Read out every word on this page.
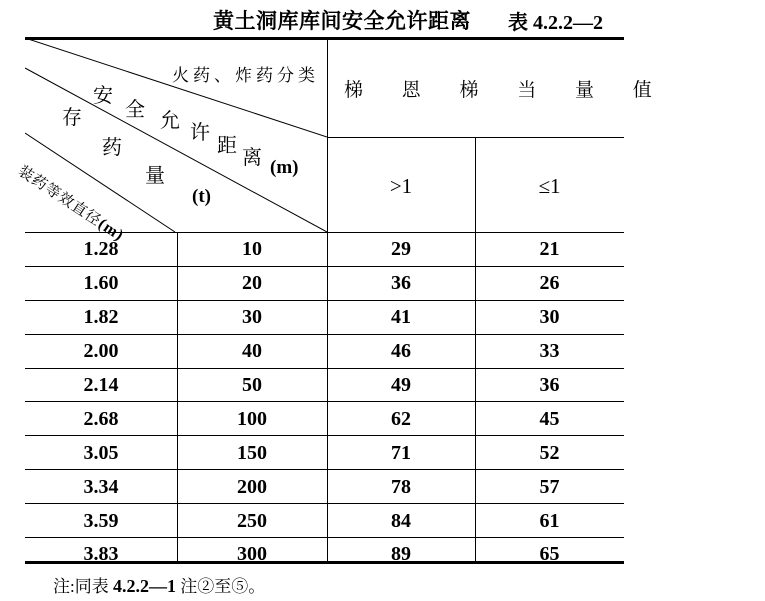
黄土洞库库间安全允许距离 表 4.2.2—2
火药、炸药分类
安
全 允
许
距
离 (m)
存
药
量
(t)
装药等效直径(m)
梯 恩 梯 当 量 值
>1	≤1
1.28	10	29	21
1.60	20	36	26
1.82	30	41	30
2.00	40	46	33
2.14	50	49	36
2.68	100	62	45
3.05	150	71	52
3.34	200	78	57
3.59	250	84	61
3.83	300	89	65
注:同表 4.2.2—1 注②至⑤。
